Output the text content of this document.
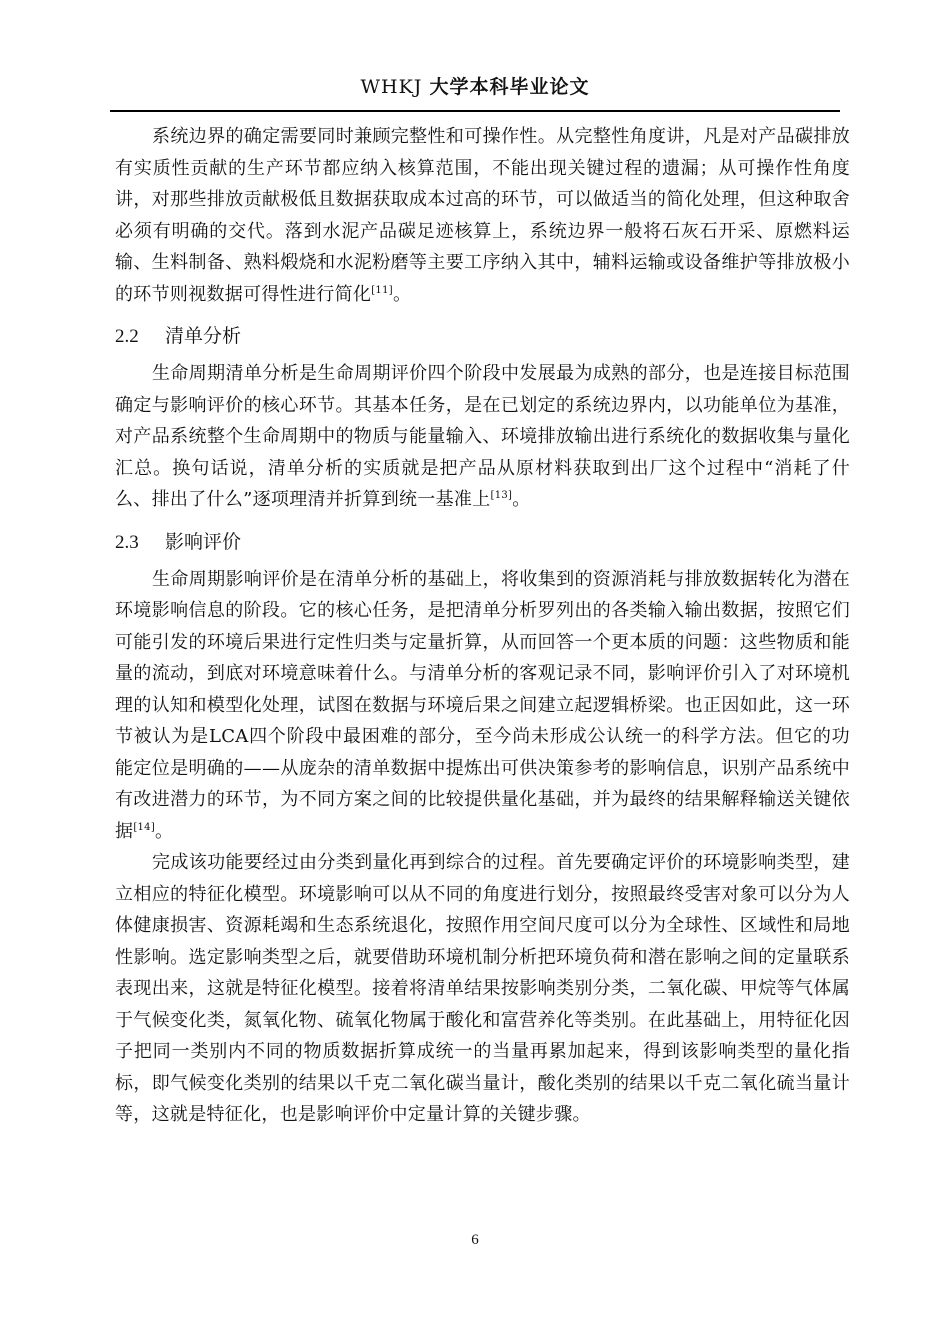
WHKJ 大学本科毕业论文

系统边界的确定需要同时兼顾完整性和可操作性。从完整性角度讲，凡是对产品碳排放有实质性贡献的生产环节都应纳入核算范围，不能出现关键过程的遗漏；从可操作性角度讲，对那些排放贡献极低且数据获取成本过高的环节，可以做适当的简化处理，但这种取舍必须有明确的交代。落到水泥产品碳足迹核算上，系统边界一般将石灰石开采、原燃料运输、生料制备、熟料煅烧和水泥粉磨等主要工序纳入其中，辅料运输或设备维护等排放极小的环节则视数据可得性进行简化[11]。

2.2 清单分析

生命周期清单分析是生命周期评价四个阶段中发展最为成熟的部分，也是连接目标范围确定与影响评价的核心环节。其基本任务，是在已划定的系统边界内，以功能单位为基准，对产品系统整个生命周期中的物质与能量输入、环境排放输出进行系统化的数据收集与量化汇总。换句话说，清单分析的实质就是把产品从原材料获取到出厂这个过程中“消耗了什么、排出了什么”逐项理清并折算到统一基准上[13]。

2.3 影响评价

生命周期影响评价是在清单分析的基础上，将收集到的资源消耗与排放数据转化为潜在环境影响信息的阶段。它的核心任务，是把清单分析罗列出的各类输入输出数据，按照它们可能引发的环境后果进行定性归类与定量折算，从而回答一个更本质的问题：这些物质和能量的流动，到底对环境意味着什么。与清单分析的客观记录不同，影响评价引入了对环境机理的认知和模型化处理，试图在数据与环境后果之间建立起逻辑桥梁。也正因如此，这一环节被认为是LCA四个阶段中最困难的部分，至今尚未形成公认统一的科学方法。但它的功能定位是明确的——从庞杂的清单数据中提炼出可供决策参考的影响信息，识别产品系统中有改进潜力的环节，为不同方案之间的比较提供量化基础，并为最终的结果解释输送关键依据[14]。

完成该功能要经过由分类到量化再到综合的过程。首先要确定评价的环境影响类型，建立相应的特征化模型。环境影响可以从不同的角度进行划分，按照最终受害对象可以分为人体健康损害、资源耗竭和生态系统退化，按照作用空间尺度可以分为全球性、区域性和局地性影响。选定影响类型之后，就要借助环境机制分析把环境负荷和潜在影响之间的定量联系表现出来，这就是特征化模型。接着将清单结果按影响类别分类，二氧化碳、甲烷等气体属于气候变化类，氮氧化物、硫氧化物属于酸化和富营养化等类别。在此基础上，用特征化因子把同一类别内不同的物质数据折算成统一的当量再累加起来，得到该影响类型的量化指标，即气候变化类别的结果以千克二氧化碳当量计，酸化类别的结果以千克二氧化硫当量计等，这就是特征化，也是影响评价中定量计算的关键步骤。

6
